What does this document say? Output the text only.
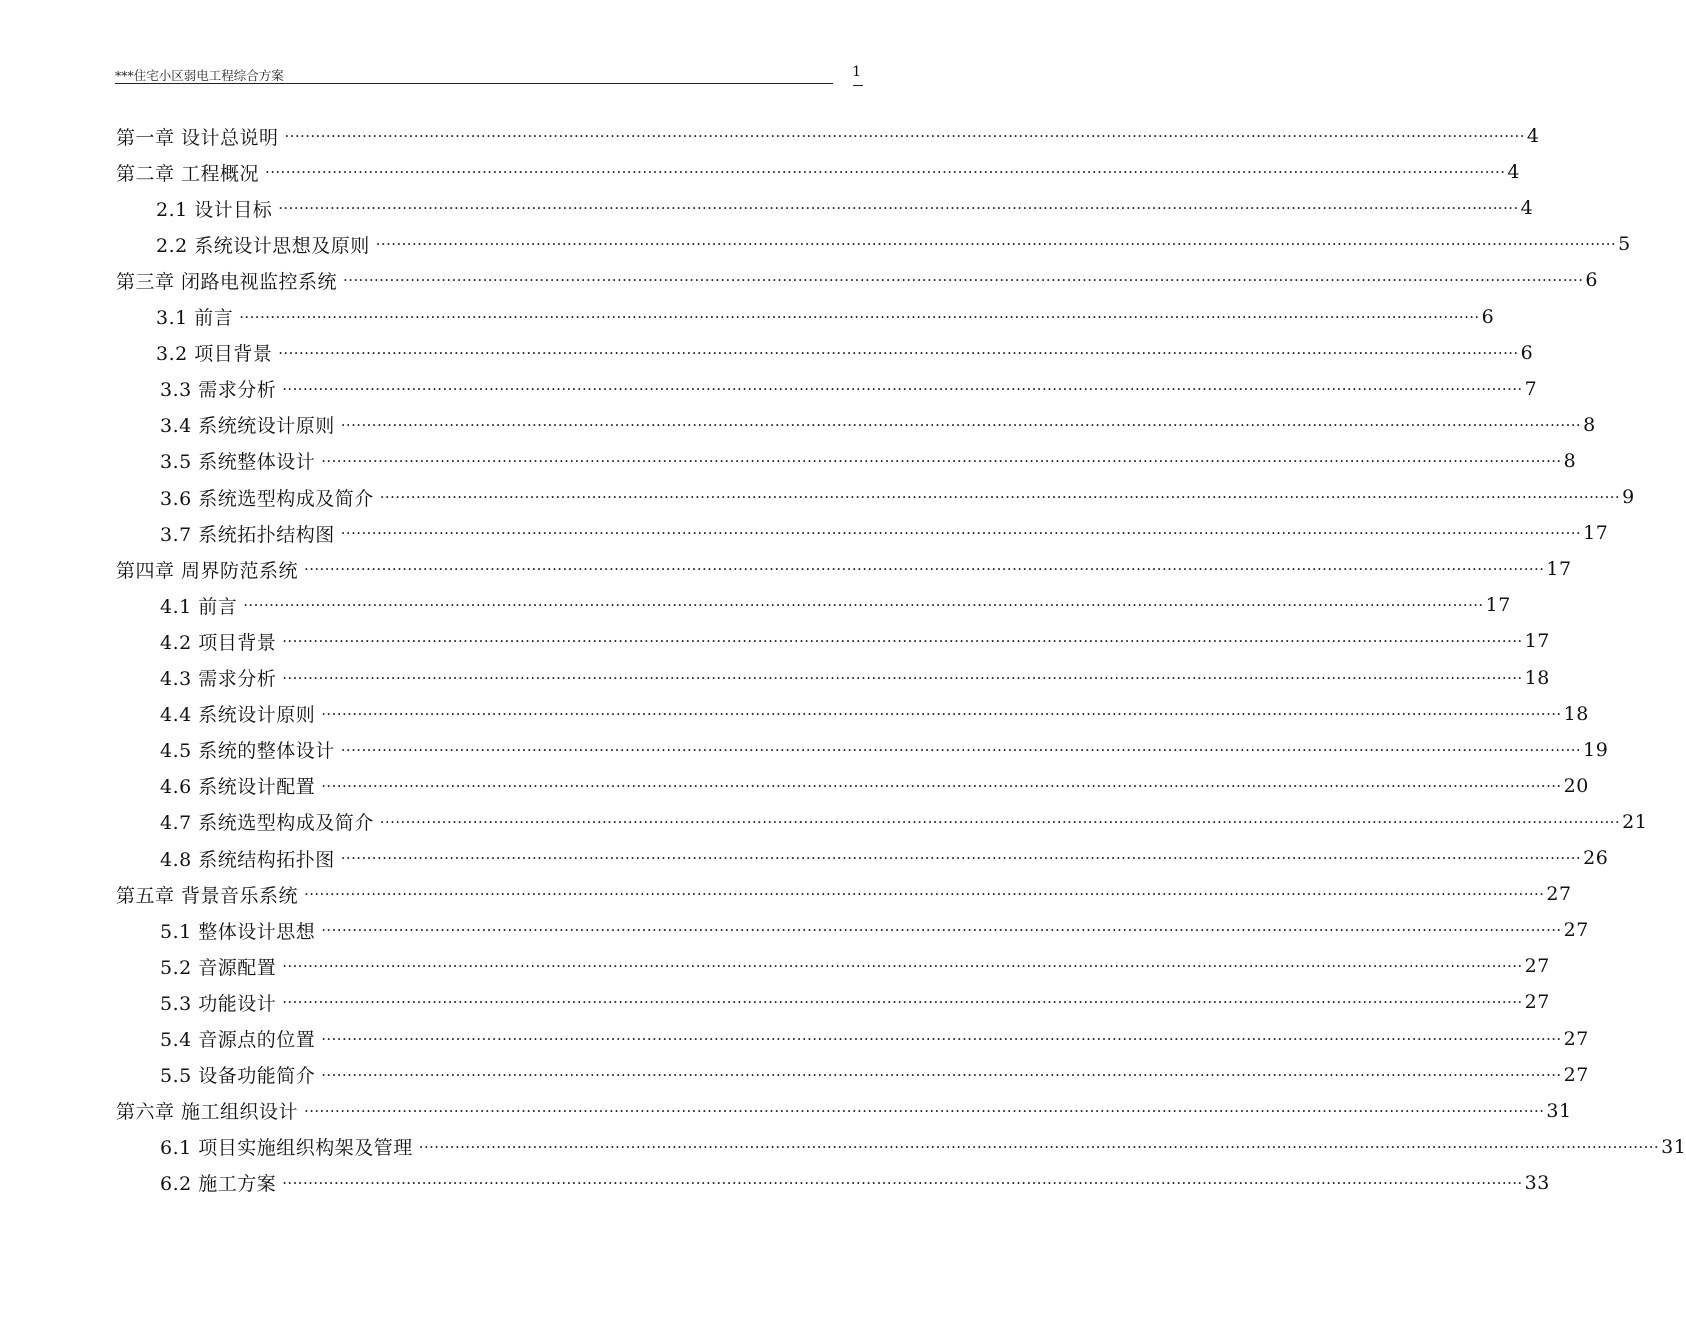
***住宅小区弱电工程综合方案	1
第一章 设计总说明 ················································································································································································································································ 4
第二章 工程概况 ················································································································································································································································ 4
2.1 设计目标 ················································································································································································································································ 4
2.2 系统设计思想及原则 ················································································································································································································································ 5
第三章 闭路电视监控系统 ················································································································································································································································ 6
3.1 前言 ················································································································································································································································ 6
3.2 项目背景 ················································································································································································································································ 6
3.3 需求分析 ················································································································································································································································ 7
3.4 系统统设计原则 ················································································································································································································································ 8
3.5 系统整体设计 ················································································································································································································································ 8
3.6 系统选型构成及简介 ················································································································································································································································ 9
3.7 系统拓扑结构图 ················································································································································································································································ 17
第四章 周界防范系统 ················································································································································································································································ 17
4.1 前言 ················································································································································································································································ 17
4.2 项目背景 ················································································································································································································································ 17
4.3 需求分析 ················································································································································································································································ 18
4.4 系统设计原则 ················································································································································································································································ 18
4.5 系统的整体设计 ················································································································································································································································ 19
4.6 系统设计配置 ················································································································································································································································ 20
4.7 系统选型构成及简介 ················································································································································································································································ 21
4.8 系统结构拓扑图 ················································································································································································································································ 26
第五章 背景音乐系统 ················································································································································································································································ 27
5.1 整体设计思想 ················································································································································································································································ 27
5.2 音源配置 ················································································································································································································································ 27
5.3 功能设计 ················································································································································································································································ 27
5.4 音源点的位置 ················································································································································································································································ 27
5.5 设备功能简介 ················································································································································································································································ 27
第六章 施工组织设计 ················································································································································································································································ 31
6.1 项目实施组织构架及管理 ················································································································································································································································ 31
6.2 施工方案 ················································································································································································································································ 33
